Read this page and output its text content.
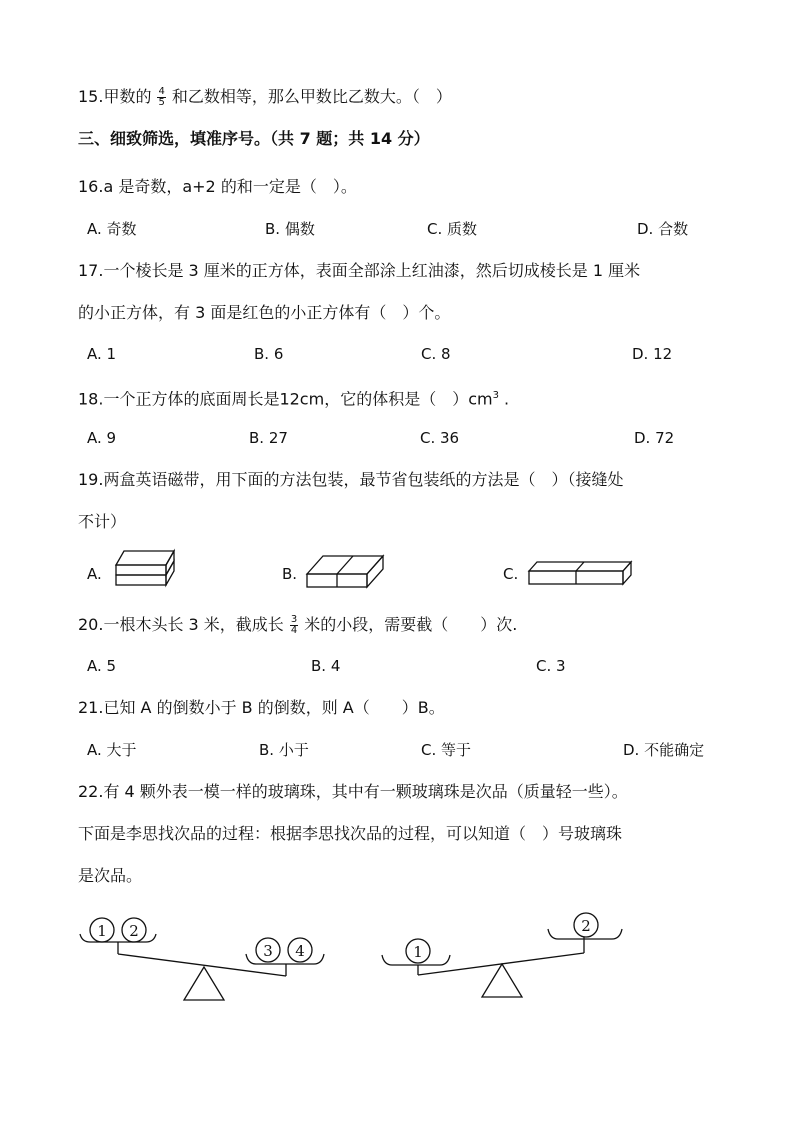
15.甲数的 $\frac{4}{5}$ 和乙数相等，那么甲数比乙数大。（　）
三、细致筛选，填准序号。（共 7 题；共 14 分）
16.a 是奇数，a+2 的和一定是（　）。
A. 奇数	B. 偶数	C. 质数	D. 合数
17.一个棱长是 3 厘米的正方体，表面全部涂上红油漆，然后切成棱长是 1 厘米
的小正方体，有 3 面是红色的小正方体有（　）个。
A. 1	B. 6	C. 8	D. 12
18.一个正方体的底面周长是12cm，它的体积是（　）$cm^3$ .
A. 9	B. 27	C. 36	D. 72
19.两盒英语磁带，用下面的方法包装，最节省包装纸的方法是（　）（接缝处
不计）
A.	B.	C.
20.一根木头长 3 米，截成长 $\frac{3}{4}$ 米的小段，需要截（　　）次.
A. 5	B. 4	C. 3
21.已知 A 的倒数小于 B 的倒数，则 A（　　）B。
A. 大于	B. 小于	C. 等于	D. 不能确定
22.有 4 颗外表一模一样的玻璃珠，其中有一颗玻璃珠是次品（质量轻一些）。
下面是李思找次品的过程：根据李思找次品的过程，可以知道（　）号玻璃珠
是次品。
1 2
3 4	1
2
